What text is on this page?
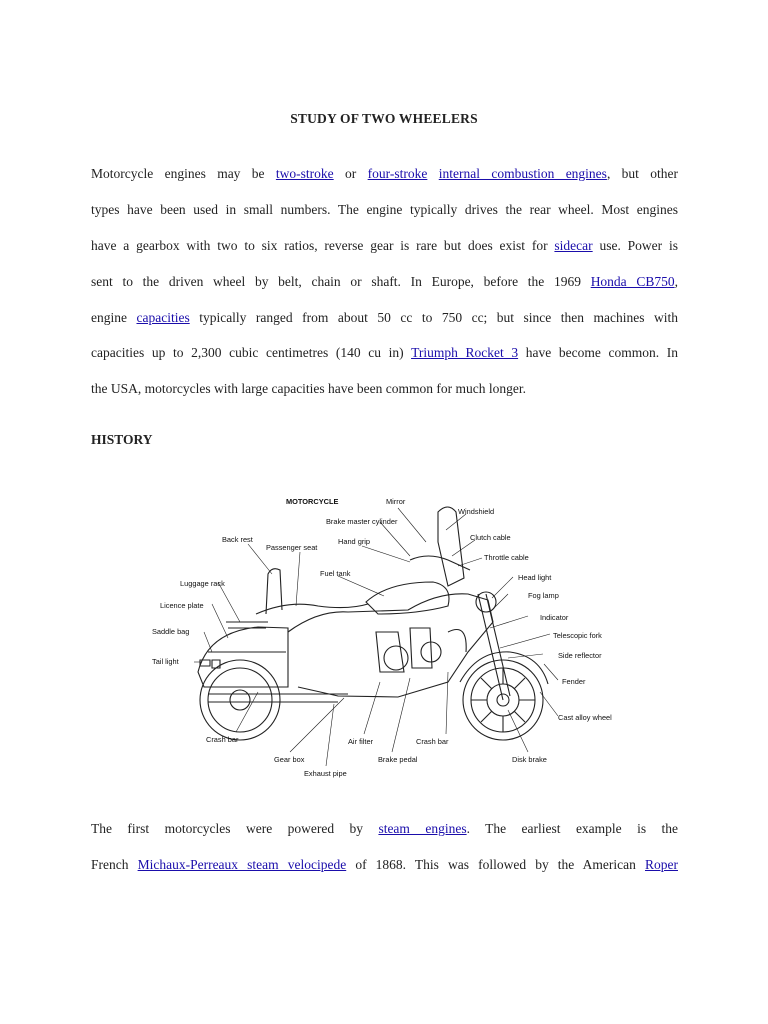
STUDY OF TWO WHEELERS
Motorcycle engines may be two-stroke or four-stroke internal combustion engines, but other
types have been used in small numbers. The engine typically drives the rear wheel. Most engines
have a gearbox with two to six ratios, reverse gear is rare but does exist for sidecar use. Power is
sent to the driven wheel by belt, chain or shaft. In Europe, before the 1969 Honda CB750,
engine capacities typically ranged from about 50 cc to 750 cc; but since then machines with
capacities up to 2,300 cubic centimetres (140 cu in) Triumph Rocket 3 have become common. In
the USA, motorcycles with large capacities have been common for much longer.
HISTORY
MOTORCYCLE	Mirror
Windshield
Brake master cylinder
Back rest	Hand grip	Clutch cable
Passenger seat
Throttle cable
Fuel tank	Head light
Luggage rack
Fog lamp
Licence plate
Indicator
Saddle bag	Telescopic fork
Side reflector
Tail light
Fender
Cast alloy wheel
Crash bar	Air filter	Crash bar
Gear box	Brake pedal	Disk brake
Exhaust pipe
The first motorcycles were powered by steam engines. The earliest example is the
French Michaux-Perreaux steam velocipede of 1868. This was followed by the American Roper
